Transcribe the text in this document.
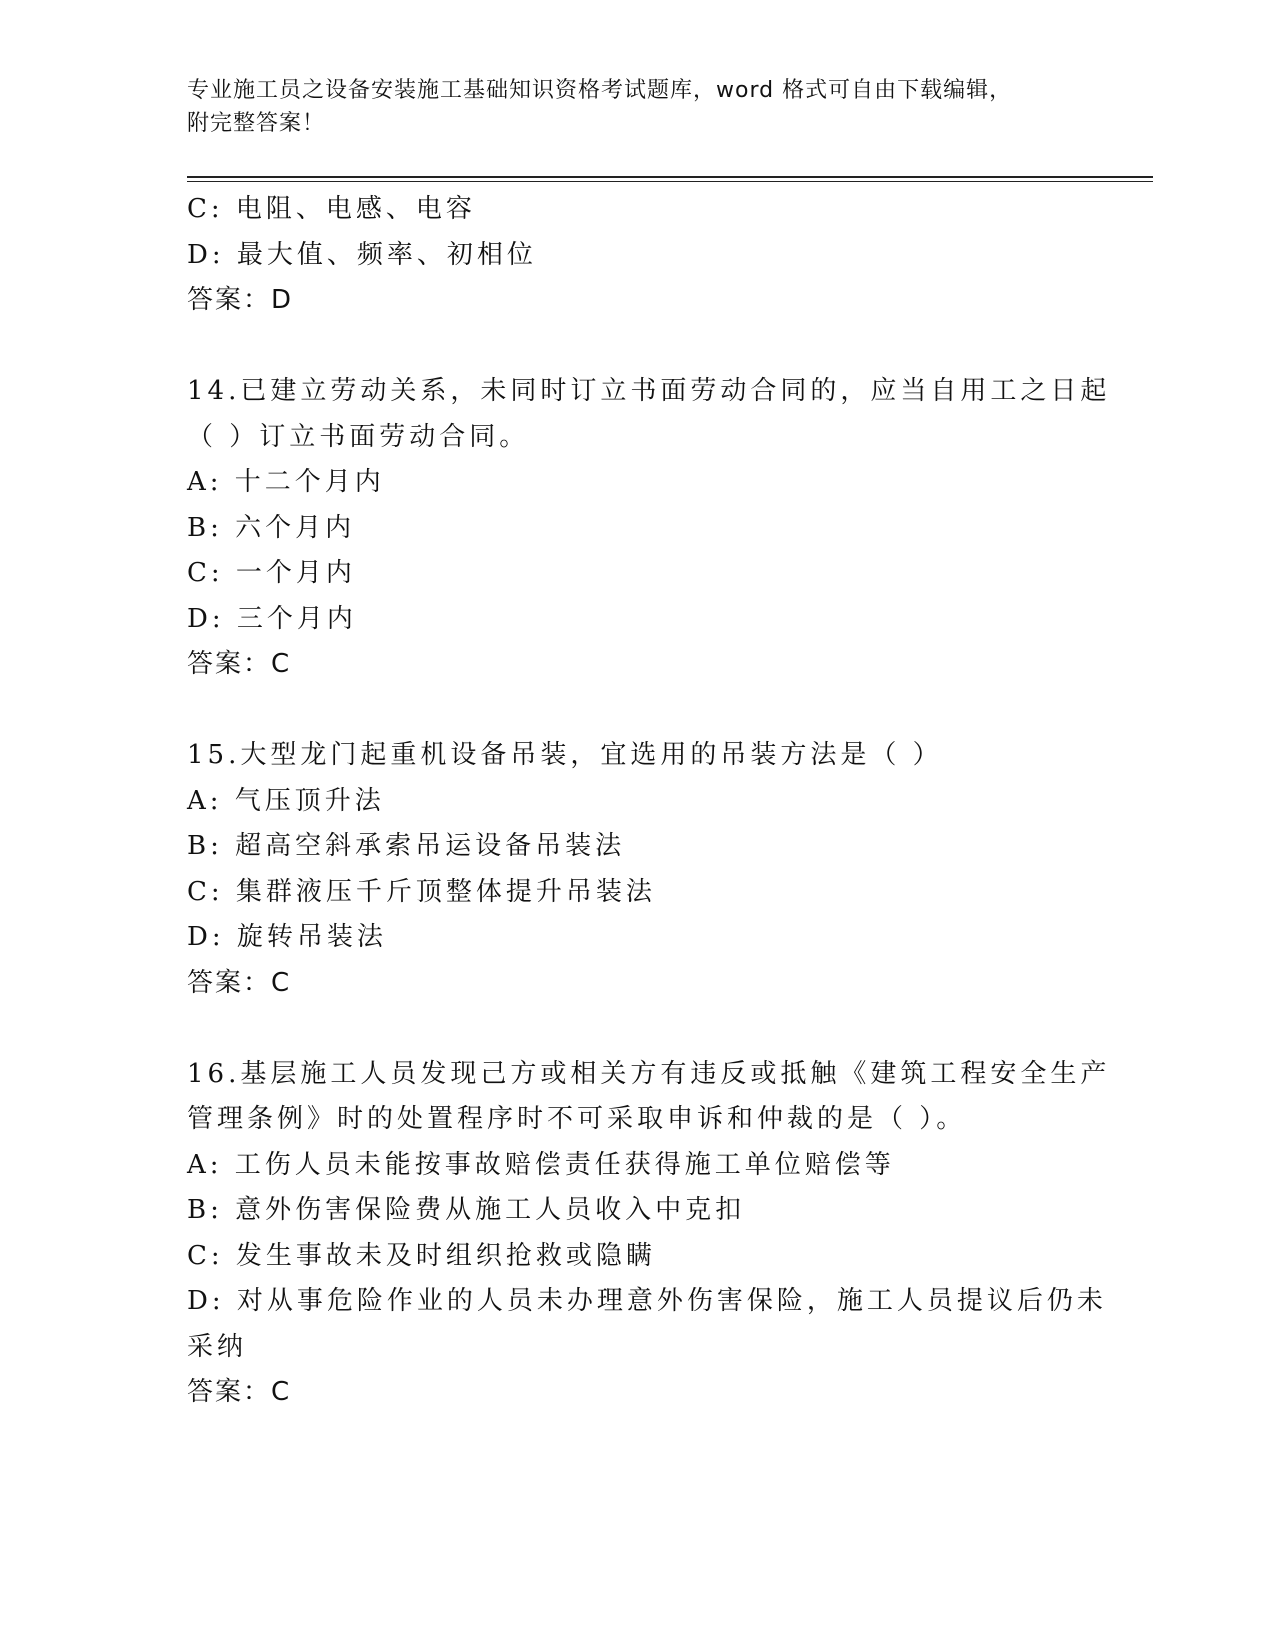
专业施工员之设备安装施工基础知识资格考试题库，word 格式可自由下载编辑，
附完整答案！
C: 电阻、电感、电容
D: 最大值、频率、初相位
答案：D
14.已建立劳动关系，未同时订立书面劳动合同的，应当自用工之日起
（ ）订立书面劳动合同。
A: 十二个月内
B: 六个月内
C: 一个月内
D: 三个月内
答案：C
15.大型龙门起重机设备吊装，宜选用的吊装方法是（ ）
A: 气压顶升法
B: 超高空斜承索吊运设备吊装法
C: 集群液压千斤顶整体提升吊装法
D: 旋转吊装法
答案：C
16.基层施工人员发现己方或相关方有违反或抵触《建筑工程安全生产
管理条例》时的处置程序时不可采取申诉和仲裁的是（ ）。
A: 工伤人员未能按事故赔偿责任获得施工单位赔偿等
B: 意外伤害保险费从施工人员收入中克扣
C: 发生事故未及时组织抢救或隐瞒
D: 对从事危险作业的人员未办理意外伤害保险，施工人员提议后仍未
采纳
答案：C
